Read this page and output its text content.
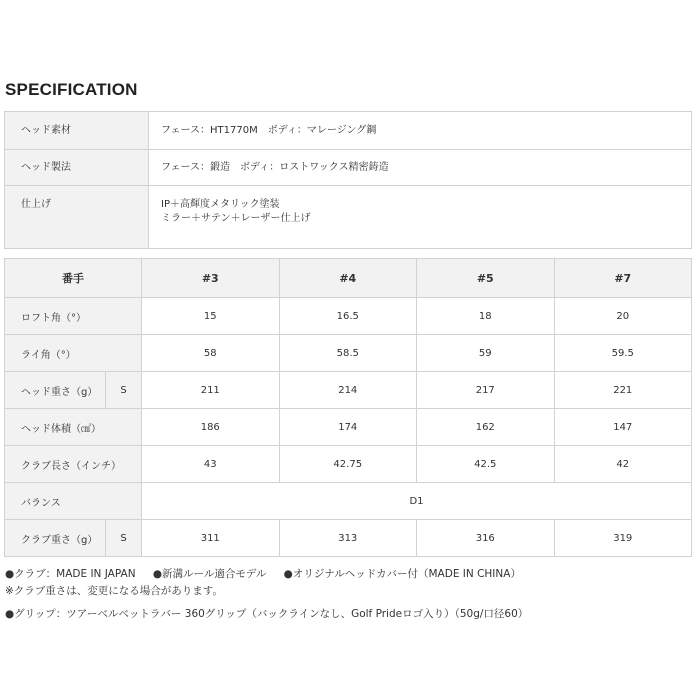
SPECIFICATION
ヘッド素材	フェース：HT1770M　ボディ：マレージング鋼
ヘッド製法	フェース：鍛造　ボディ：ロストワックス精密鋳造
仕上げ	IP＋高輝度メタリック塗装
ミラー＋サテン＋レーザー仕上げ
番手		#3	#4	#5	#7
ロフト角（°）		15	16.5	18	20
ライ角（°）		58	58.5	59	59.5
ヘッド重さ（g）	S	211	214	217	221
ヘッド体積（㎤）		186	174	162	147
クラブ長さ（インチ）		43	42.75	42.5	42
バランス		D1			
クラブ重さ（g）	S	311	313	316	319
●クラブ：MADE IN JAPAN ●新溝ルール適合モデル ●オリジナルヘッドカバー付（MADE IN CHINA）
※クラブ重さは、変更になる場合があります。
●グリップ：ツアーベルベットラバー 360グリップ（バックラインなし、Golf Prideロゴ入り）（50g/口径60）
